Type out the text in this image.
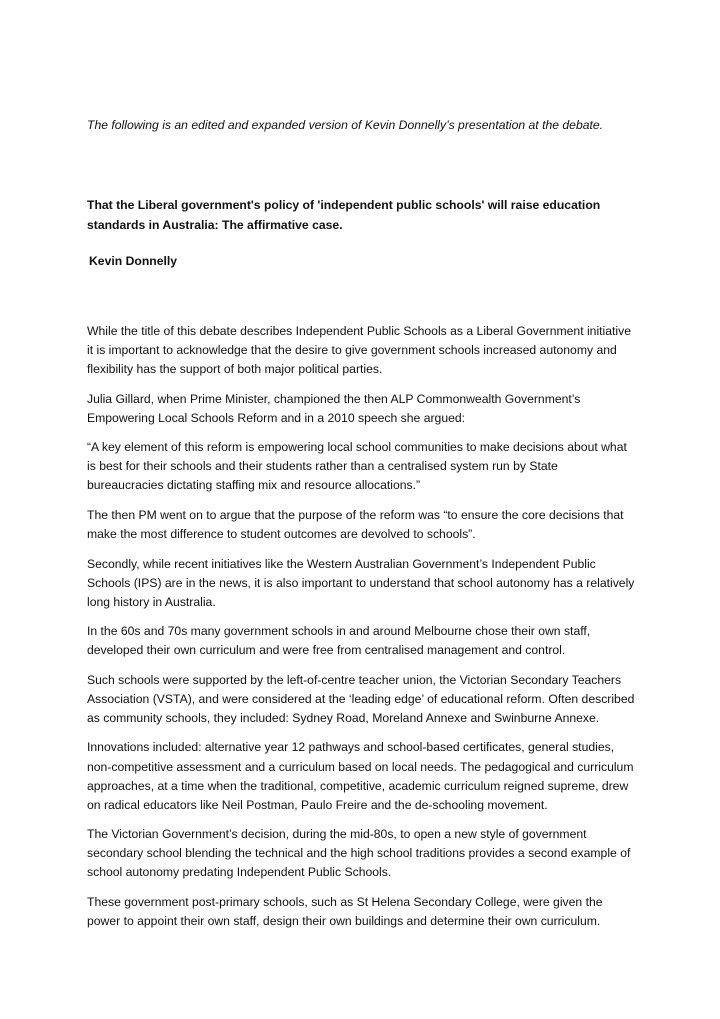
The following is an edited and expanded version of Kevin Donnelly’s presentation at the debate.

That the Liberal government's policy of 'independent public schools' will raise education standards in Australia: The affirmative case.

Kevin Donnelly

While the title of this debate describes Independent Public Schools as a Liberal Government initiative it is important to acknowledge that the desire to give government schools increased autonomy and flexibility has the support of both major political parties.

Julia Gillard, when Prime Minister, championed the then ALP Commonwealth Government’s Empowering Local Schools Reform and in a 2010 speech she argued:

“A key element of this reform is empowering local school communities to make decisions about what is best for their schools and their students rather than a centralised system run by State bureaucracies dictating staffing mix and resource allocations.”

The then PM went on to argue that the purpose of the reform was “to ensure the core decisions that make the most difference to student outcomes are devolved to schools”.

Secondly, while recent initiatives like the Western Australian Government’s Independent Public Schools (IPS) are in the news, it is also important to understand that school autonomy has a relatively long history in Australia.

In the 60s and 70s many government schools in and around Melbourne chose their own staff, developed their own curriculum and were free from centralised management and control.

Such schools were supported by the left-of-centre teacher union, the Victorian Secondary Teachers Association (VSTA), and were considered at the ‘leading edge’ of educational reform. Often described as community schools, they included: Sydney Road, Moreland Annexe and Swinburne Annexe.

Innovations included: alternative year 12 pathways and school-based certificates, general studies, non-competitive assessment and a curriculum based on local needs. The pedagogical and curriculum approaches, at a time when the traditional, competitive, academic curriculum reigned supreme, drew on radical educators like Neil Postman, Paulo Freire and the de-schooling movement.

The Victorian Government’s decision, during the mid-80s, to open a new style of government secondary school blending the technical and the high school traditions provides a second example of school autonomy predating Independent Public Schools.

These government post-primary schools, such as St Helena Secondary College, were given the power to appoint their own staff, design their own buildings and determine their own curriculum.
